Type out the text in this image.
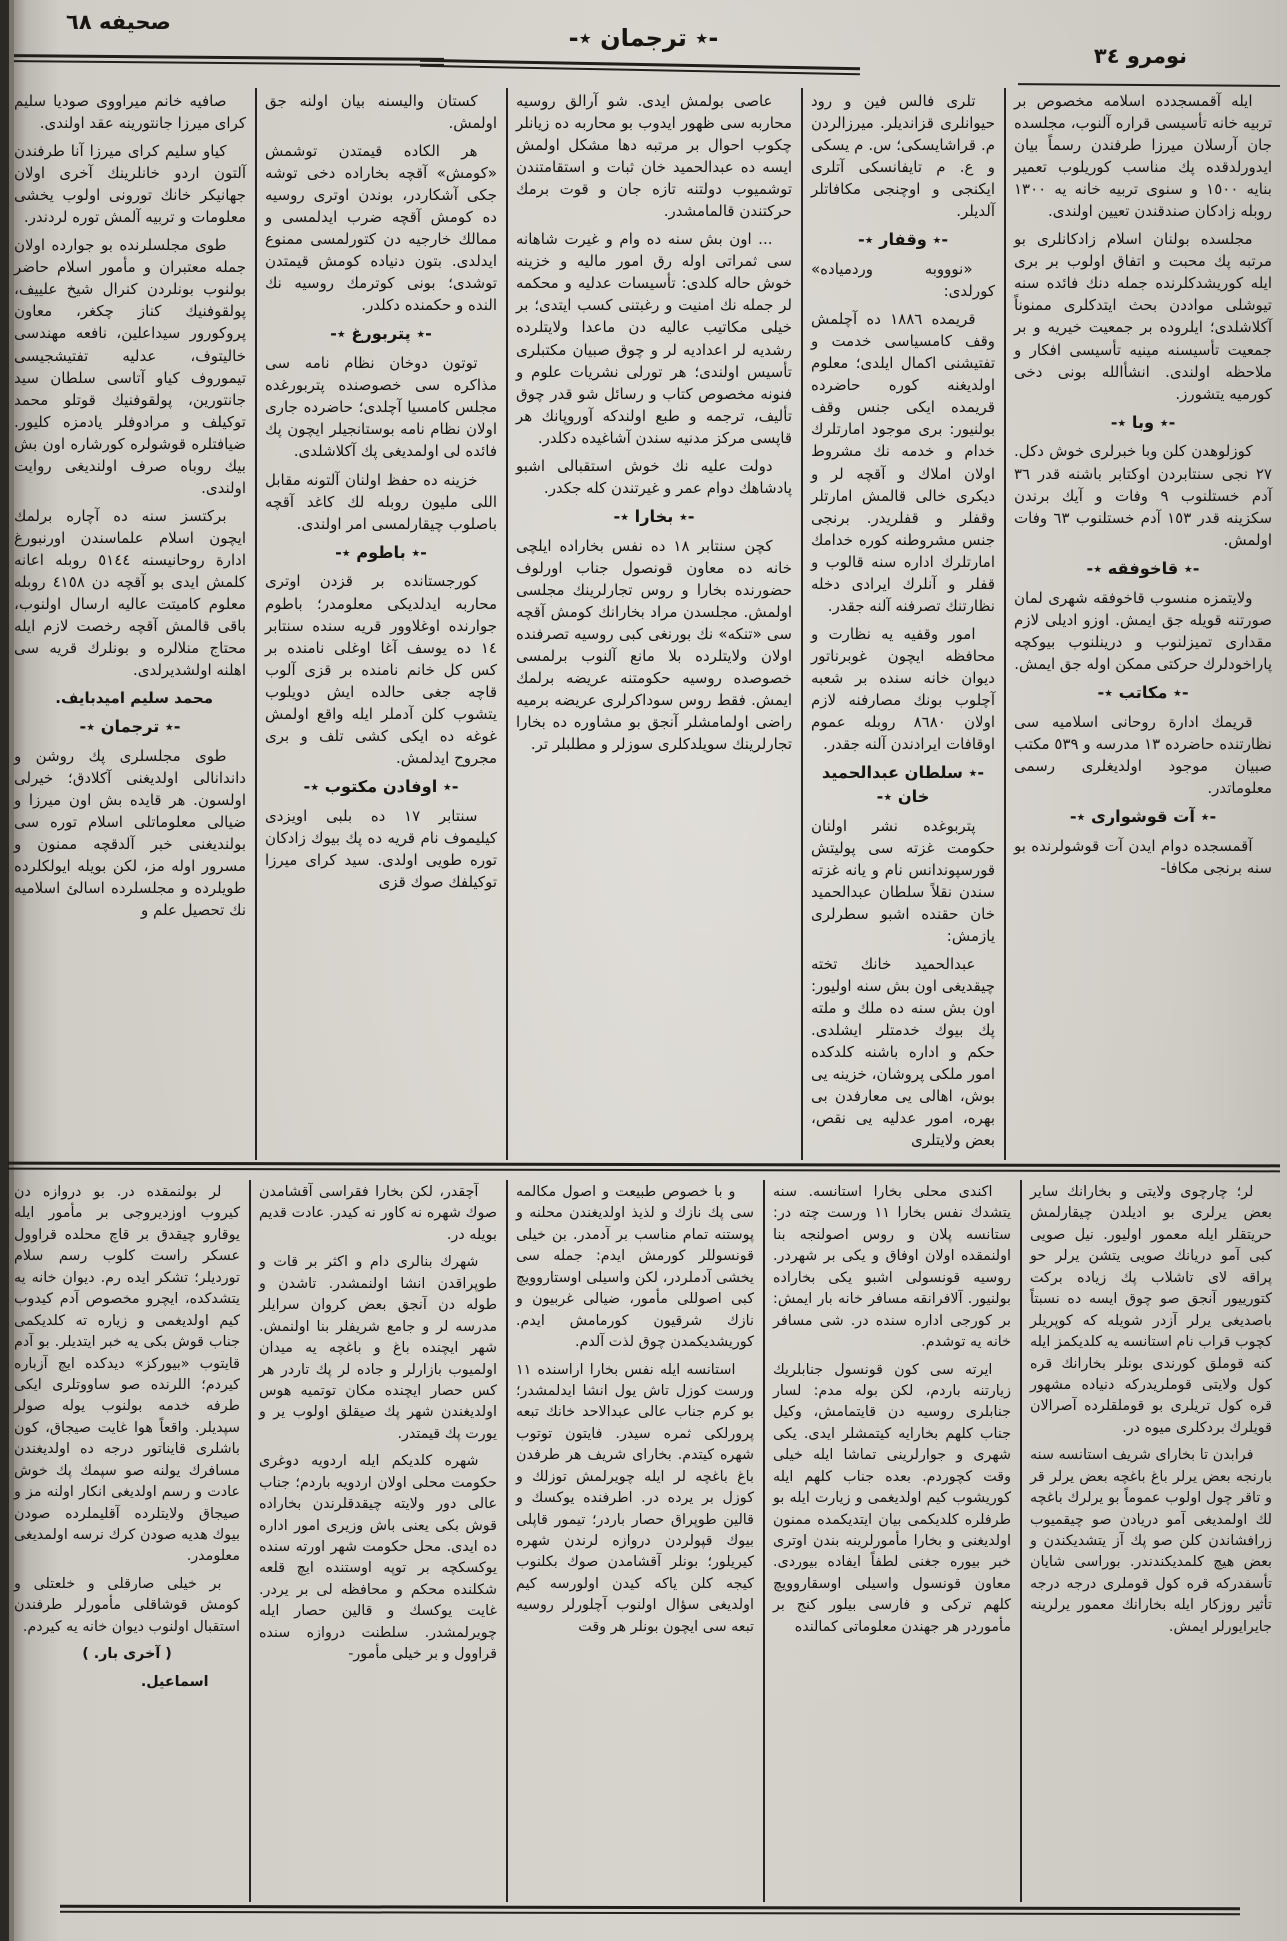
صحيفه ٦٨
-٭ ترجمان ٭-
نومرو ٣٤

ايله آقمسجدده اسلامه مخصوص بر تربيه خانه تأسيسى قراره آلنوب، مجلسده جان آرسلان ميرزا طرفندن رسماً بيان ايدورلدقده پك مناسب كوريلوب تعمير بنايه ١٥٠٠ و سنوى تربيه خانه يه ١٣٠٠ روبله زادكان صندقندن تعيين اولندى.

مجلسده بولنان اسلام زادكانلرى بو مرتبه پك محبت و اتفاق اولوب بر برى ايله كوريشدكلرنده جمله دنك فائده سنه تيوشلى مواددن بحث ايتدكلرى ممنوناً آكلاشلدى؛ ايلروده بر جمعيت خيريه و بر جمعيت تأسيسنه مينيه تأسيسى افكار و ملاحظه اولندى. انشأالله بونى دخى كورميه يتشورز.

-٭ وبا ٭-

كوزلوهدن كلن وبا خبرلرى خوش دكل. ٢٧ نجى سنتابردن اوكتابر باشنه قدر ٣٦ آدم خستلنوب ٩ وفات و آيك برندن سكزينه قدر ١٥٣ آدم خستلنوب ٦٣ وفات اولمش.

-٭ قاخوفقه ٭-

ولايتمزه منسوب قاخوفقه شهرى لمان صورتنه قويله جق ايمش. اوزو اديلى لازم مقدارى تميزلنوب و درينلنوب بيوكچه پاراخودلرك حركتى ممكن اوله جق ايمش.

-٭ مكاتب ٭-

قريمك ادارة روحانى اسلاميه سى نظارتنده حاضرده ١٣ مدرسه و ٥٣٩ مكتب صبيان موجود اولديغلرى رسمى معلوماتدر.

-٭ آت قوشوارى ٭-

آقمسجده دوام ايدن آت قوشولرنده بو سنه برنجى مكافا-

تلرى فالس فين و رود حيوانلرى قزانديلر. ميرزالردن م. قراشايسكى؛ س. م يسكى و ع. م تايفانسكى آتلرى ايكنجى و اوچنجى مكافاتلر آلديلر.

-٭ وقفار ٭-

«نوووبه وردمياده» كورلدى:

قريمده ١٨٨٦ ده آچلمش وقف كامسياسى خدمت و تفتيشنى اكمال ايلدى؛ معلوم اولديغنه كوره حاضرده قريمده ايكى جنس وقف بولنيور: برى موجود امارتلرك خدام و خدمه نك مشروط اولان املاك و آقچه لر و ديكرى خالى قالمش امارتلر وقفلر و قفلريدر. برنجى جنس مشروطنه كوره خدامك امارتلرك اداره سنه قالوب و قفلر و آنلرك ايرادى دخله نظارتنك تصرفنه آلنه جقدر.

امور وقفيه يه نظارت و محافظه ايچون غوبرناتور ديوان خانه سنده بر شعبه آچلوب بونك مصارفنه لازم اولان ٨٦٨٠ روبله عموم اوقافات ايرادندن آلنه جقدر.

-٭ سلطان عبدالحميد خان ٭-

پتربوغده نشر اولنان حكومت غزته سى پوليتش قورسپوندانس نام و يانه غزته سندن نقلاً سلطان عبدالحميد خان حقنده اشبو سطرلرى يازمش:

عبدالحميد خانك تخته چيقديغى اون بش سنه اوليور: اون بش سنه ده ملك و ملته پك بيوك خدمتلر ايشلدى. حكم و اداره باشنه كلدكده امور ملكى پروشان، خزينه يى بوش، اهالى يى معارفدن بى بهره، امور عدليه يى نقص، بعض ولايتلرى

عاصى بولمش ايدى. شو آرالق روسيه محاربه سى ظهور ايدوب بو محاربه ده زيانلر چكوب احوال بر مرتبه دها مشكل اولمش ايسه ده عبدالحميد خان ثبات و استقامتندن توشميوب دولتنه تازه جان و قوت برمك حركتندن قالمامشدر.

... اون بش سنه ده وام و غيرت شاهانه سى ثمراتى اوله رق امور ماليه و خزينه خوش حاله كلدى: تأسيسات عدليه و محكمه لر جمله نك امنيت و رغبتنى كسب ايتدى؛ بر خيلى مكاتيب عاليه دن ماعدا ولايتلرده رشديه لر اعداديه لر و چوق صبيان مكتبلرى تأسيس اولندى؛ هر تورلى نشريات علوم و فنونه مخصوص كتاب و رسائل شو قدر چوق تأليف، ترجمه و طبع اولندكه آوروپانك هر قاپسى مركز مدنيه سندن آشاغيده دكلدر.

دولت عليه نك خوش استقبالى اشبو پادشاهك دوام عمر و غيرتندن كله جكدر.

-٭ بخارا ٭-

كچن سنتابر ١٨ ده نفس بخاراده ايلچى خانه ده معاون قونصول جناب اورلوف حضورنده بخارا و روس تجارلرينك مجلسى اولمش. مجلسدن مراد بخارانك كومش آقچه سى «تنكه» نك بورنغى كبى روسيه تصرفنده اولان ولايتلرده بلا مانع آلنوب برلمسى خصوصده روسيه حكومتنه عريضه برلمك ايمش. فقط روس سوداكرلرى عريضه برميه راضى اولمامشلر آنجق بو مشاوره ده بخارا تجارلرينك سويلدكلرى سوزلر و مطلبلر تر.

كستان واليسنه بيان اولنه جق اولمش.

هر الكاده قيمتدن توشمش «كومش» آقچه بخاراده دخى توشه جكى آشكاردر، بوندن اوترى روسيه ده كومش آقچه ضرب ايدلمسى و ممالك خارجيه دن كتورلمسى ممنوع ايدلدى. بتون دنياده كومش قيمتدن توشدى؛ بونى كوترمك روسيه نك النده و حكمنده دكلدر.

-٭ پتربورغ ٭-

توتون دوخان نظام نامه سى مذاكره سى خصوصنده پتربورغده مجلس كامسيا آچلدى؛ حاضرده جارى اولان نظام نامه بوستانجيلر ايچون پك فائده لى اولمديغى پك آكلاشلدى.

خزينه ده حفظ اولنان آلتونه مقابل اللى مليون روبله لك كاغد آقچه باصلوب چيقارلمسى امر اولندى.

-٭ باطوم ٭-

كورجستانده بر قزدن اوترى محاربه ايدلديكى معلومدر؛ باطوم جوارنده اوغلاوور قريه سنده سنتابر ١٤ ده يوسف آغا اوغلى نامنده بر كس كل خانم نامنده بر قزى آلوب قاچه جغى حالده ايش دويلوب يتشوب كلن آدملر ايله واقع اولمش غوغه ده ايكى كشى تلف و برى مجروح ايدلمش.

-٭ اوفادن مكتوب ٭-

سنتابر ١٧ ده بلبى اويزدى كيليموف نام قريه ده پك بيوك زادكان توره طويى اولدى. سيد كراى ميرزا توكيلفك صوك قزى

صافيه خانم ميراووى صوديا سليم كراى ميرزا جانتورينه عقد اولندى.

كياو سليم كراى ميرزا آنا طرفندن آلتون اردو خانلرينك آخرى اولان جهانيكر خانك تورونى اولوب يخشى معلومات و تربيه آلمش توره لردندر.

طوى مجلسلرنده بو جوارده اولان جمله معتبران و مأمور اسلام حاضر بولنوب بونلردن كنرال شيخ علييف، پولقوفنيك كناز چكغر، معاون پروكورور سيداعلين، نافعه مهندسى خاليتوف، عدليه تفتيشجيسى تيموروف كياو آتاسى سلطان سيد جانتورين، پولقوفنيك قوتلو محمد توكيلف و مرادوفلر يادمزه كليور. ضيافتلره قوشولره كورشاره اون بش بيك روباه صرف اولنديغى روايت اولندى.

بركتسز سنه ده آچاره برلمك ايچون اسلام علماسندن اورنبورغ ادارة روحانيسنه ٥١٤٤ روبله اعانه كلمش ايدى بو آقچه دن ٤١٥٨ روبله معلوم كاميتت عاليه ارسال اولنوب، باقى قالمش آقچه رخصت لازم ايله محتاج منلالره و بونلرك قريه سى اهلنه اولشديرلدى.

محمد سليم اميدبايف.

-٭ ترجمان ٭-

طوى مجلسلرى پك روشن و داندانالى اولديغنى آكلادق؛ خيرلى اولسون. هر قايده بش اون ميرزا و ضيالى معلوماتلى اسلام توره سى بولنديغنى خبر آلدقچه ممنون و مسرور اوله مز، لكن بويله ايولكلرده طويلرده و مجلسلرده اسالئ اسلاميه نك تحصيل علم و

لر؛ چارچوى ولايتى و بخارانك ساير بعض يرلرى بو اديلدن چيقارلمش حريتقلر ايله معمور اوليور. نيل صويى كبى آمو دريانك صويى يتشن يرلر حو پراقه لاى تاشلاب پك زياده بركت كتورييور آنجق صو چوق ايسه ده نسبتاً باصديغى يرلر آزدر شويله كه كوپريلر كچوب قراب نام استانسه يه كلديكمز ايله كنه قوملق كورندى بونلر بخارانك قره كول ولايتى قوملريدركه دنياده مشهور قره كول تريلرى بو قوملقلرده آصرالان قويلرك بردكلرى ميوه در.

فرابدن تا بخاراى شريف استانسه سنه بارنجه بعض يرلر باغ باغچه بعض يرلر قر و تاقر چول اولوب عموماً بو يرلرك باغچه لك اولمديغى آمو دريادن صو چيقميوب زرافشاندن كلن صو پك آز يتشديكندن و بعض هيچ كلمديكندندر. بوراسى شايان تأسفدركه قره كول قوملرى درجه درجه تأثير روزكار ايله بخارانك معمور يرلرينه جايرايورلر ايمش.

اكندى محلى بخارا استانسه. سنه يتشدك نفس بخارا ١١ ورست چته در: ستانسه پلان و روس اصولنجه بنا اولنمقده اولان اوفاق و يكى بر شهردر. روسيه قونسولى اشبو يكى بخاراده بولنيور. آلافرانقه مسافر خانه بار ايمش: بر كورجى اداره سنده در. شى مسافر خانه يه توشدم.

ايرته سى كون قونسول جنابلريك زيارتنه باردم، لكن بوله مدم: لسار جنابلرى روسيه دن قايتمامش، وكيل جناب كلهم بخارايه كيتمشلر ايدى. يكى شهرى و جوارلرينى تماشا ايله خيلى وقت كچوردم. بعده جناب كلهم ايله كوريشوب كيم اولديغمى و زيارت ايله بو طرفلره كلديكمى بيان ايتديكمده ممنون اولديغنى و بخارا مأمورلرينه بندن اوترى خبر بيوره جغنى لطفاً ايفاده بيوردى. معاون قونسول واسيلى اوسقاروويچ كلهم تركى و فارسى بيلور كنج بر مأموردر هر جهندن معلوماتى كمالنده

و با خصوص طبيعت و اصول مكالمه سى پك نازك و لذيذ اولديغندن محلنه و پوستنه تمام مناسب بر آدمدر. بن خيلى قونسوللر كورمش ايدم: جمله سى يخشى آدملردر، لكن واسيلى اوستاروويچ كبى اصوللى مأمور، ضيالى غربيون و نازك شرقيون كورمامش ايدم. كوريشديكمدن چوق لذت آلدم.

استانسه ايله نفس بخارا اراسنده ١١ ورست كوزل تاش يول انشا ايدلمشدر؛ بو كرم جناب عالى عبدالاحد خانك تبعه پرورلكى ثمره سيدر. فايتون توتوب شهره كيتدم. بخاراى شريف هر طرفدن باغ باغچه لر ايله چويرلمش توزلك و كوزل بر يرده در. اطرفنده يوكسك و قالين طوپراق حصار باردر؛ تيمور قاپلى بيوك قپولردن دروازه لرندن شهره كيريلور؛ بونلر آقشامدن صوك بكلنوب كيجه كلن ياكه كيدن اولورسه كيم اولديغى سؤال اولنوب آچلورلر روسيه تبعه سى ايچون بونلر هر وقت

آچقدر، لكن بخارا فقراسى آقشامدن صوك شهره نه كاور نه كيدر. عادت قديم بويله در.

شهرك بنالرى دام و اكثر بر قات و طوپراقدن انشا اولنمشدر. تاشدن و طوله دن آنجق بعض كروان سرايلر مدرسه لر و جامع شريفلر بنا اولنمش. شهر ايچنده باغ و باغچه يه ميدان اولميوب بازارلر و جاده لر پك تاردر هر كس حصار ايچنده مكان توتميه هوس اولديغندن شهر پك صيقلق اولوب ير و يورت پك قيمتدر.

شهره كلديكم ايله اردويه دوغرى حكومت محلى اولان اردويه باردم؛ جناب عالى دور ولايته چيقدقلرندن بخاراده قوش بكى يعنى باش وزيرى امور اداره ده ايدى. محل حكومت شهر اورته سنده يوكسكچه بر توپه اوستنده ايچ قلعه شكلنده محكم و محافظه لى بر يردر. غايت يوكسك و قالين حصار ايله چويرلمشدر. سلطنت دروازه سنده قراوول و بر خيلى مأمور-

لر بولنمقده در. بو دروازه دن كيروب اوزديروجى بر مأمور ايله يوقارو چيقدق بر قاچ محلده قراوول عسكر راست كلوب رسم سلام تورديلر؛ تشكر ايده رم. ديوان خانه يه يتشدكده، ايچرو مخصوص آدم كيدوب كيم اولديغمى و زياره ته كلديكمى جناب قوش بكى يه خبر ايتديلر. بو آدم قايتوب «بيوركز» ديدكده ايچ آزباره كيردم؛ اللرنده صو ساووتلرى ايكى طرفه خدمه بولنوب يوله صولر سپديلر. واقعاً هوا غايت صيجاق، كون باشلرى قايناتور درجه ده اولديغندن مسافرك يولنه صو سپمك پك خوش عادت و رسم اولديغى انكار اولنه مز و صيجاق ولايتلرده آقليملرده صودن بيوك هديه صودن كرك نرسه اولمديغى معلومدر.

بر خيلى صارقلى و خلعتلى و كومش قوشاقلى مأمورلر طرفندن استقبال اولنوب ديوان خانه يه كيردم.

( آخرى بار. )

اسماعيل.
